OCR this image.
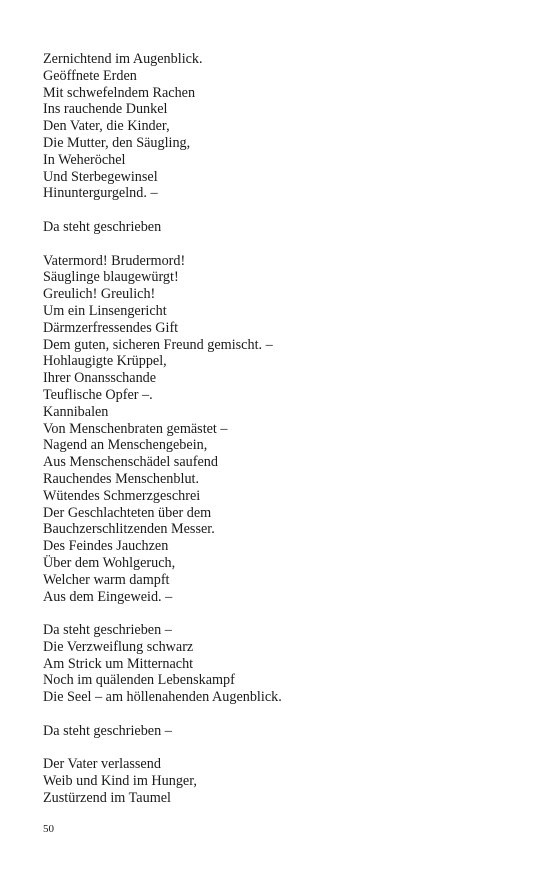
Zernichtend im Augenblick.
Geöffnete Erden
Mit schwefelndem Rachen
Ins rauchende Dunkel
Den Vater, die Kinder,
Die Mutter, den Säugling,
In Weheröchel
Und Sterbegewinsel
Hinuntergurgelnd. –
Da steht geschrieben
Vatermord! Brudermord!
Säuglinge blaugewürgt!
Greulich! Greulich!
Um ein Linsengericht
Därmzerfressendes Gift
Dem guten, sicheren Freund gemischt. –
Hohlaugigte Krüppel,
Ihrer Onansschande
Teuflische Opfer –.
Kannibalen
Von Menschenbraten gemästet –
Nagend an Menschengebein,
Aus Menschenschädel saufend
Rauchendes Menschenblut.
Wütendes Schmerzgeschrei
Der Geschlachteten über dem
Bauchzerschlitzenden Messer.
Des Feindes Jauchzen
Über dem Wohlgeruch,
Welcher warm dampft
Aus dem Eingeweid. –
Da steht geschrieben –
Die Verzweiflung schwarz
Am Strick um Mitternacht
Noch im quälenden Lebenskampf
Die Seel – am höllenahenden Augenblick.
Da steht geschrieben –
Der Vater verlassend
Weib und Kind im Hunger,
Zustürzend im Taumel
50
